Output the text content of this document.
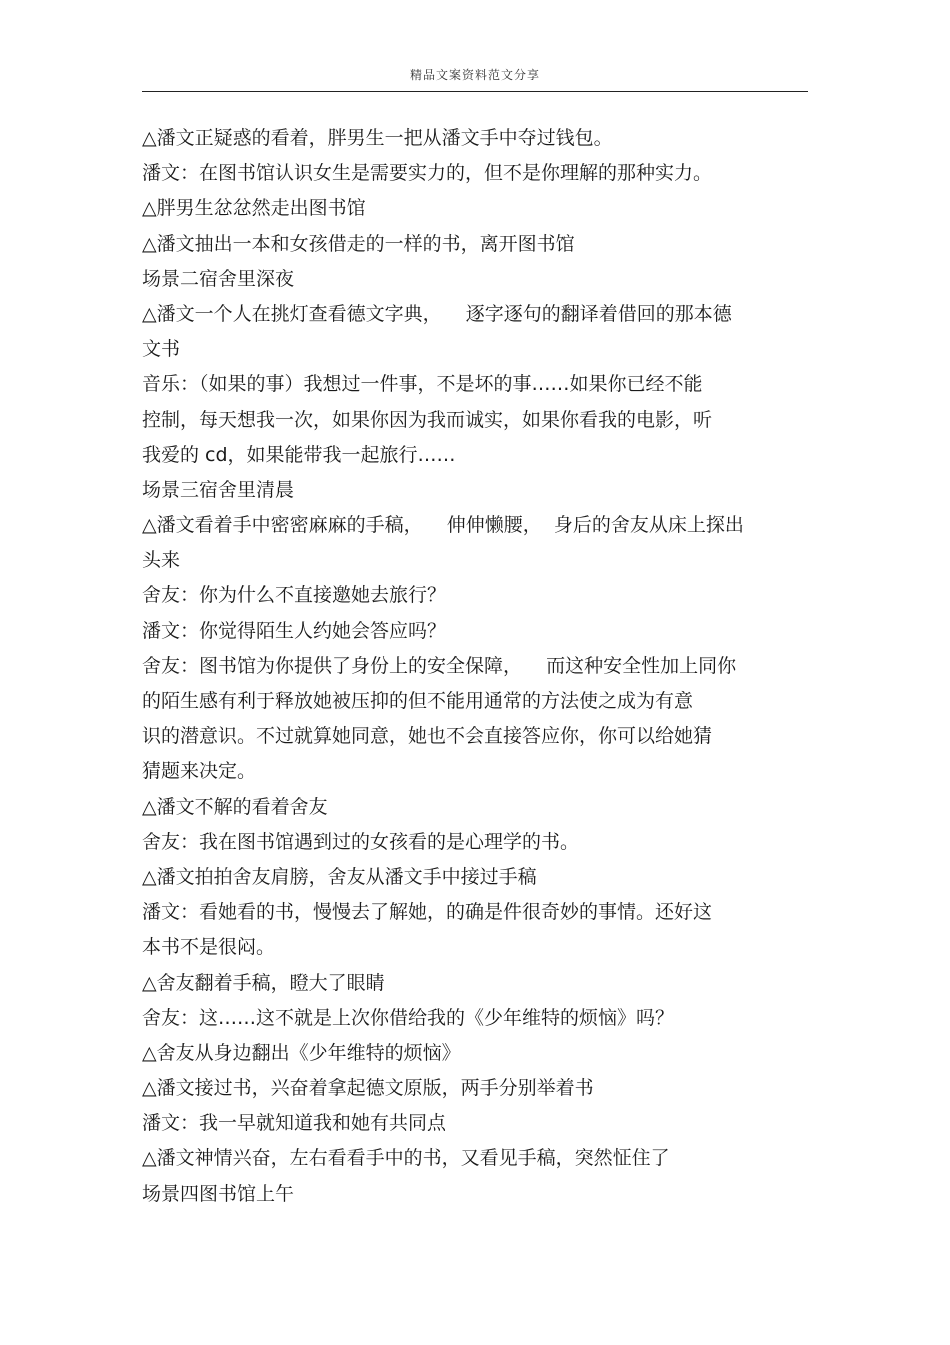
精品文案资料范文分享
△潘文正疑惑的看着，胖男生一把从潘文手中夺过钱包。
潘文：在图书馆认识女生是需要实力的，但不是你理解的那种实力。
△胖男生忿忿然走出图书馆
△潘文抽出一本和女孩借走的一样的书，离开图书馆
场景二宿舍里深夜
△潘文一个人在挑灯查看德文字典，    逐字逐句的翻译着借回的那本德
文书
音乐：（如果的事）我想过一件事，不是坏的事……如果你已经不能
控制，每天想我一次，如果你因为我而诚实，如果你看我的电影，听
我爱的 cd，如果能带我一起旅行……
场景三宿舍里清晨
△潘文看着手中密密麻麻的手稿，    伸伸懒腰，  身后的舍友从床上探出
头来
舍友：你为什么不直接邀她去旅行？
潘文：你觉得陌生人约她会答应吗？
舍友：图书馆为你提供了身份上的安全保障，    而这种安全性加上同你
的陌生感有利于释放她被压抑的但不能用通常的方法使之成为有意
识的潜意识。不过就算她同意，她也不会直接答应你，你可以给她猜
猜题来决定。
△潘文不解的看着舍友
舍友：我在图书馆遇到过的女孩看的是心理学的书。
△潘文拍拍舍友肩膀，舍友从潘文手中接过手稿
潘文：看她看的书，慢慢去了解她，的确是件很奇妙的事情。还好这
本书不是很闷。
△舍友翻着手稿，瞪大了眼睛
舍友：这……这不就是上次你借给我的《少年维特的烦恼》吗？
△舍友从身边翻出《少年维特的烦恼》
△潘文接过书，兴奋着拿起德文原版，两手分别举着书
潘文：我一早就知道我和她有共同点
△潘文神情兴奋，左右看看手中的书，又看见手稿，突然怔住了
场景四图书馆上午
